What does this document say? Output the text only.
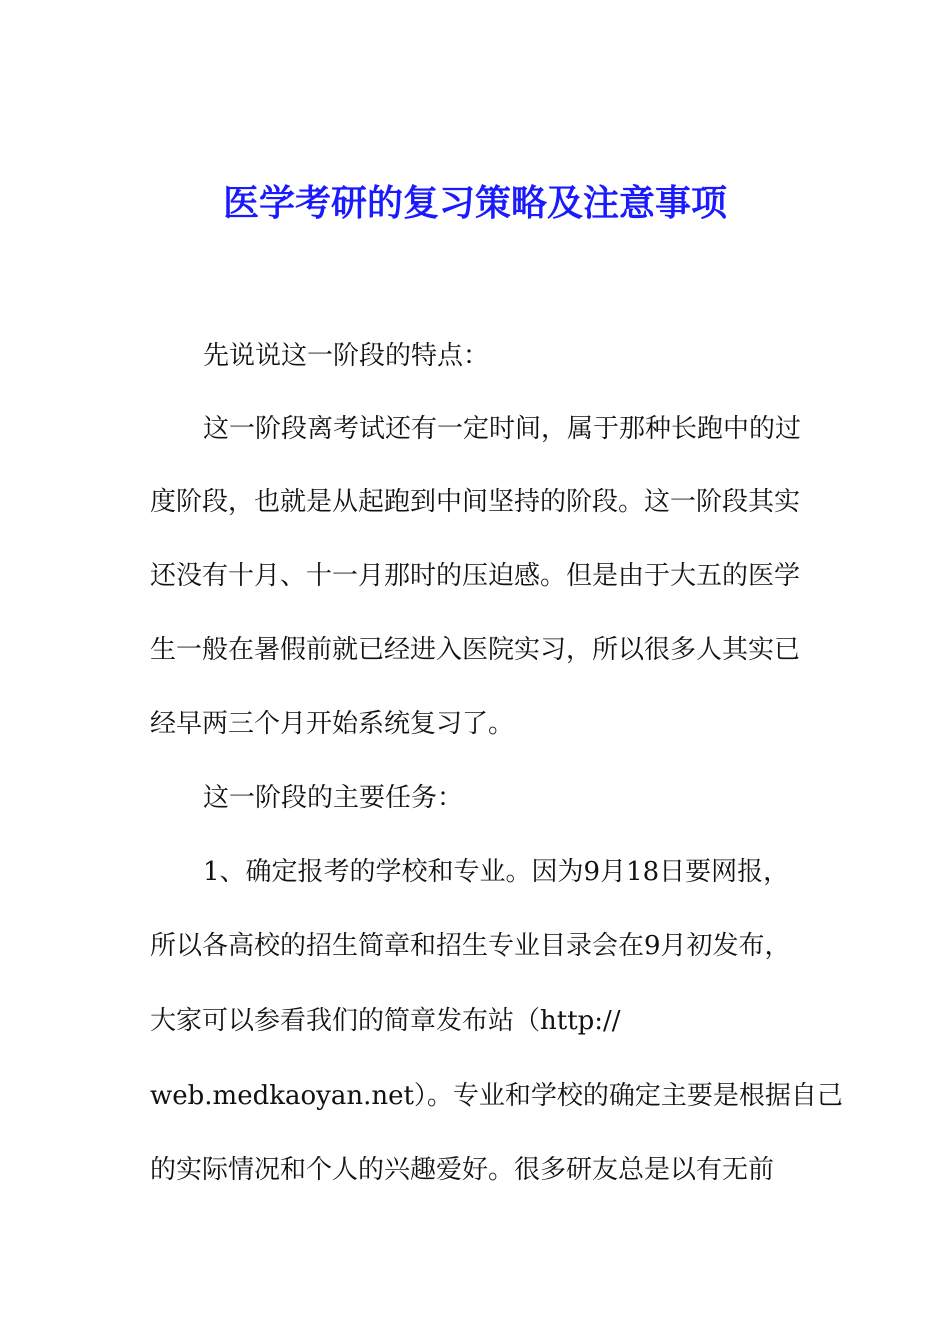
医学考研的复习策略及注意事项

先说说这一阶段的特点：

这一阶段离考试还有一定时间，属于那种长跑中的过

度阶段，也就是从起跑到中间坚持的阶段。这一阶段其实

还没有十月、十一月那时的压迫感。但是由于大五的医学

生一般在暑假前就已经进入医院实习，所以很多人其实已

经早两三个月开始系统复习了。

这一阶段的主要任务：

1、确定报考的学校和专业。因为9月18日要网报，

所以各高校的招生简章和招生专业目录会在9月初发布，

大家可以参看我们的简章发布站（http://

web.medkaoyan.net）。专业和学校的确定主要是根据自己

的实际情况和个人的兴趣爱好。很多研友总是以有无前
